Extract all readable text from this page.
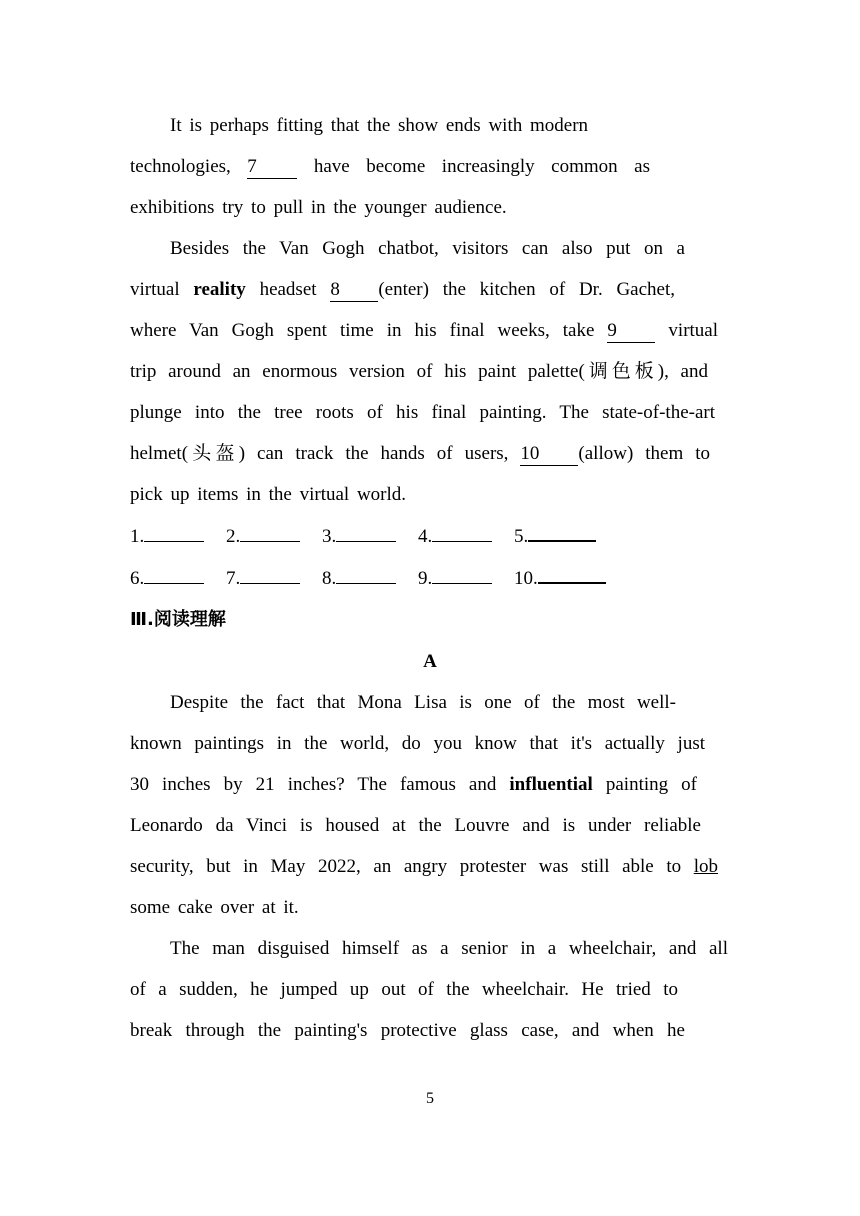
It is perhaps fitting that the show ends with modern
technologies, 7	have become increasingly common as
exhibitions try to pull in the younger audience.
Besides the Van Gogh chatbot, visitors can also put on a
virtual reality headset 8 (enter) the kitchen of Dr. Gachet,
where Van Gogh spent time in his final weeks, take 9	virtual
trip around an enormous version of his paint palette(调色板), and
plunge into the tree roots of his final painting. The state-of-the-art
helmet(头盔) can track the hands of users, 10 (allow) them to
pick up items in the virtual world.
1.	2.	3.	4.	5.
6.	7.	8.	9.	10.
Ⅲ.阅读理解
A
Despite the fact that Mona Lisa is one of the most well-
known paintings in the world, do you know that it's actually just
30 inches by 21 inches? The famous and influential painting of
Leonardo da Vinci is housed at the Louvre and is under reliable
security, but in May 2022, an angry protester was still able to lob
some cake over at it.
The man disguised himself as a senior in a wheelchair, and all
of a sudden, he jumped up out of the wheelchair. He tried to
break through the painting's protective glass case, and when he
5
